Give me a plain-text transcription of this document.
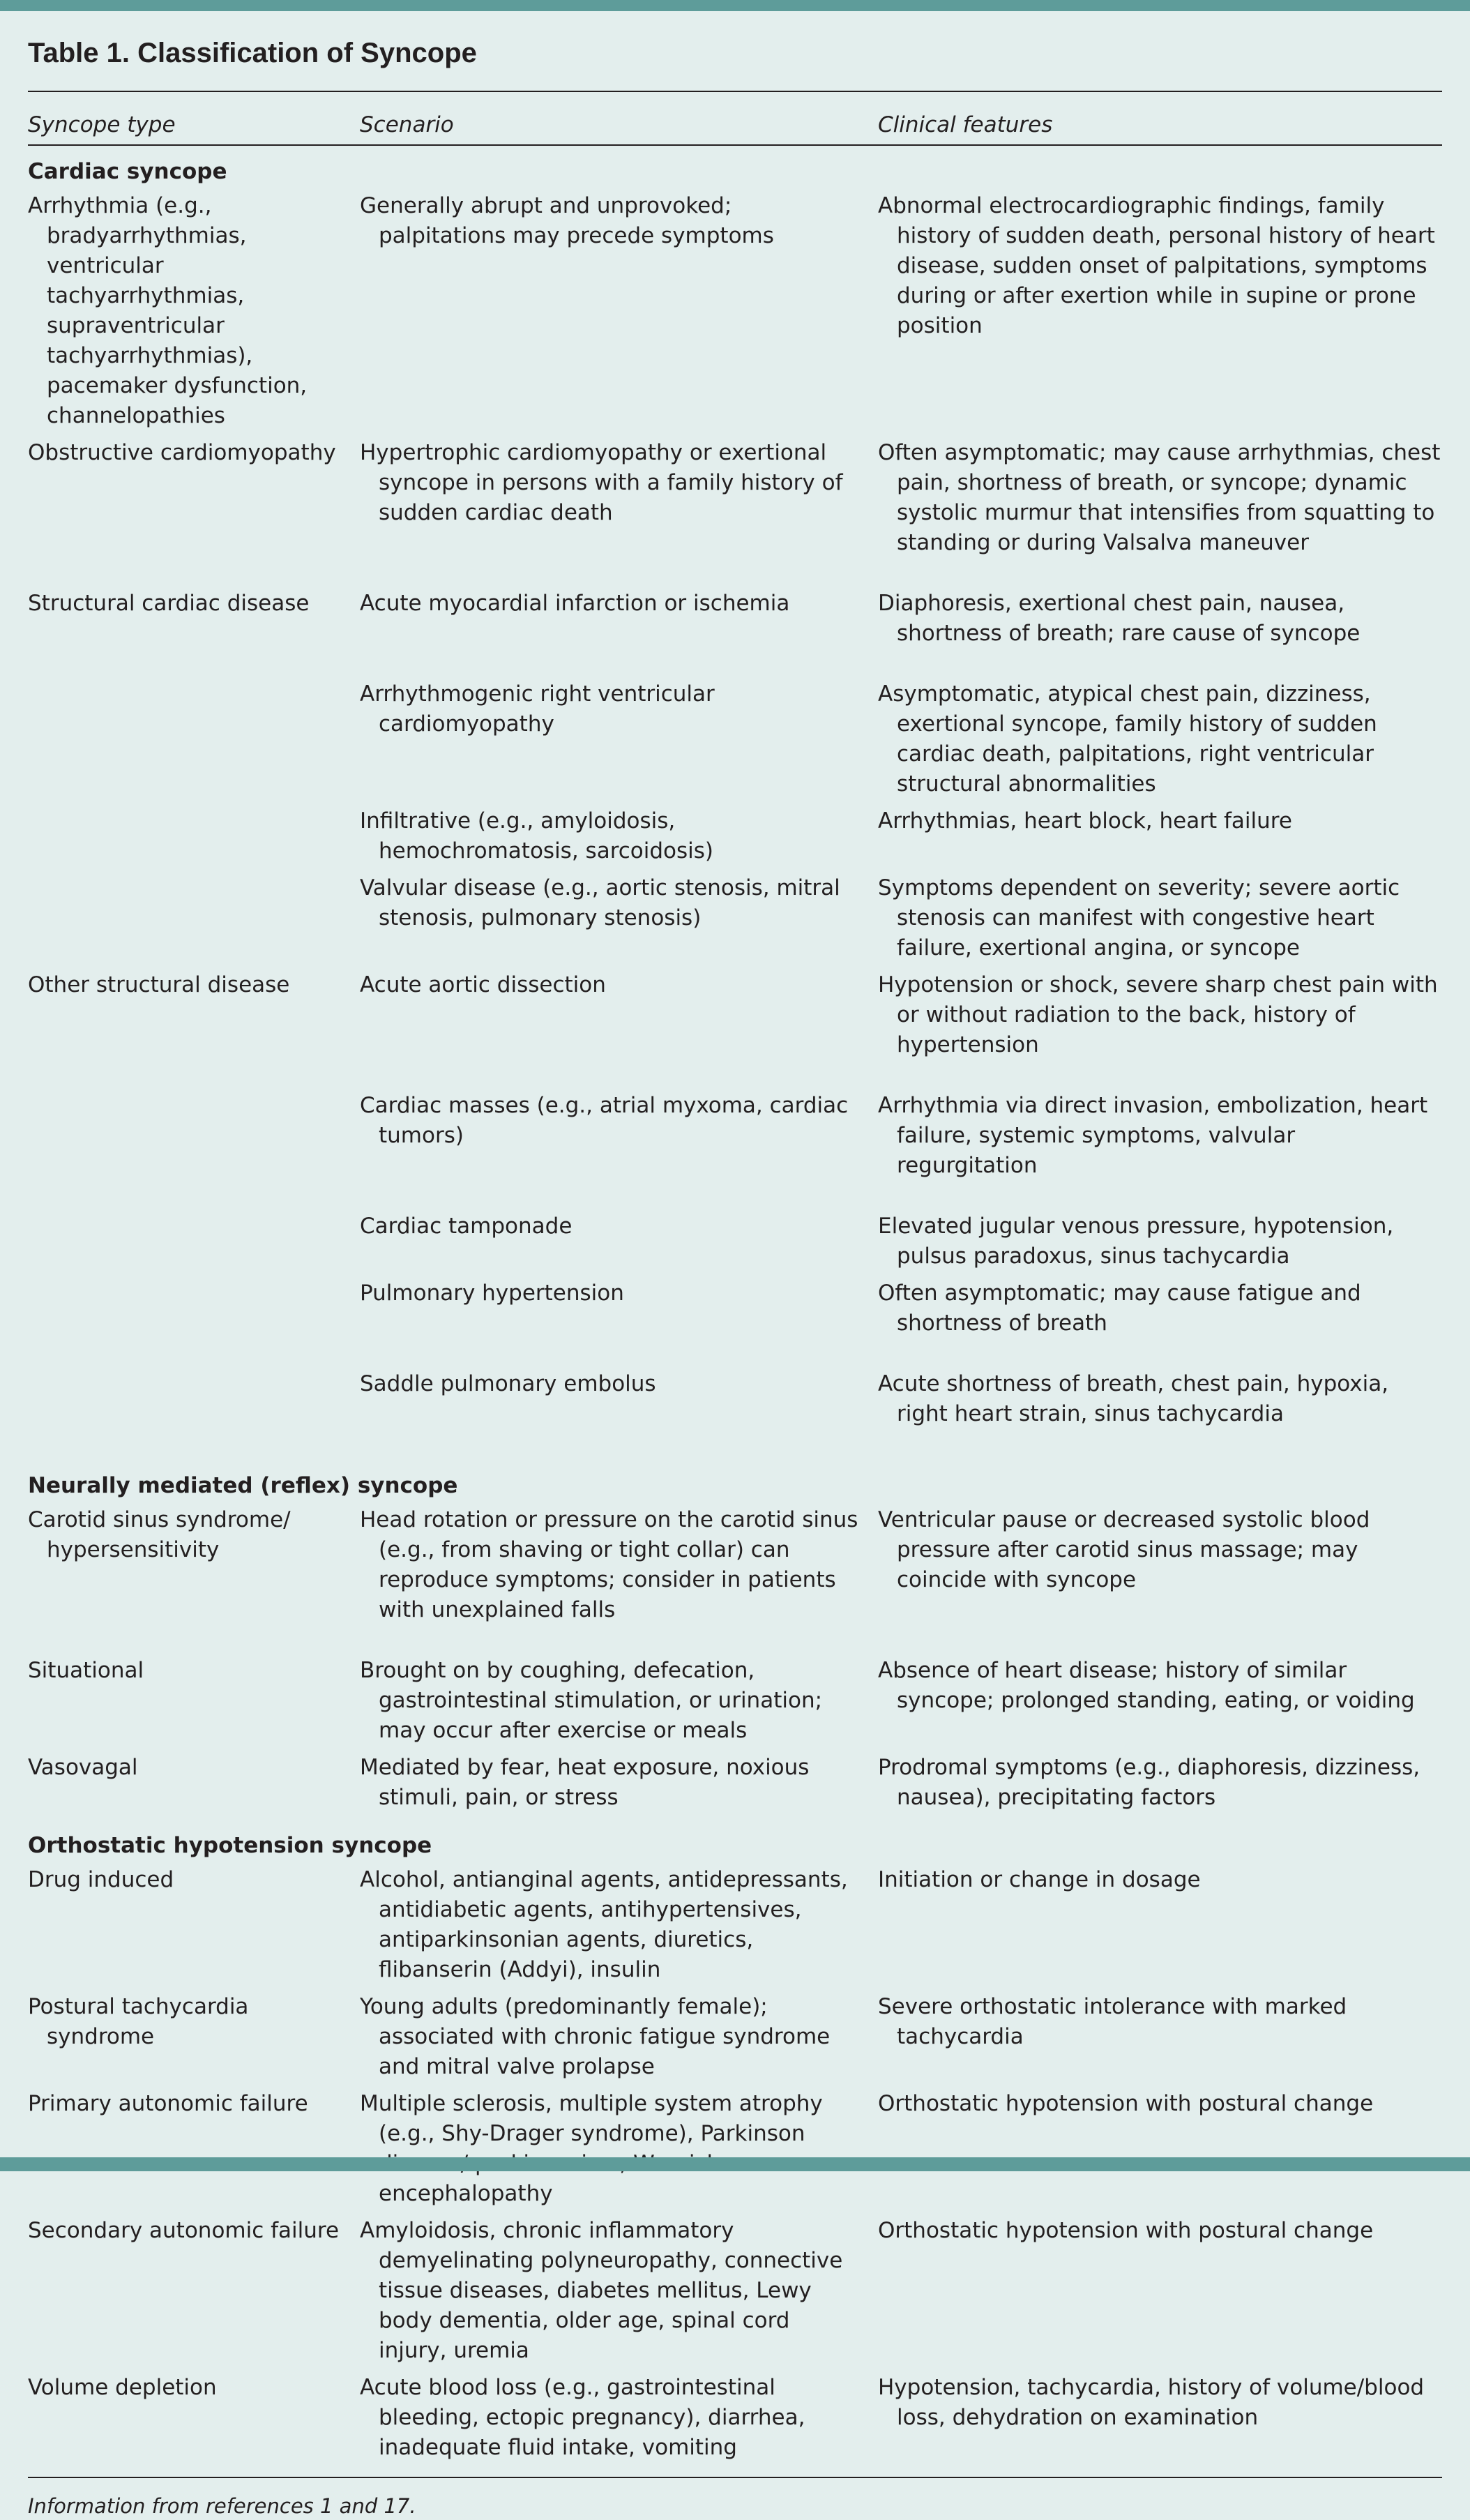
Table 1. Classification of Syncope
Syncope type	Scenario	Clinical features
Cardiac syncope		

Arrhythmia (e.g., bradyarrhythmias, ventricular tachyarrhythmias, supraventricular tachyarrhythmias), pacemaker dysfunction, channelopathies	Generally abrupt and unprovoked; palpitations may precede symptoms	Abnormal electrocardiographic findings, family history of sudden death, personal history of heart disease, sudden onset of palpitations, symptoms during or after exertion while in supine or prone position

Obstructive cardiomyopathy	Hypertrophic cardiomyopathy or exertional syncope in persons with a family history of sudden cardiac death	Often asymptomatic; may cause arrhythmias, chest pain, shortness of breath, or syncope; dynamic systolic murmur that intensifies from squatting to standing or during Valsalva maneuver

Structural cardiac disease	Acute myocardial infarction or ischemia	Diaphoresis, exertional chest pain, nausea, shortness of breath; rare cause of syncope

	Arrhythmogenic right ventricular cardiomyopathy	Asymptomatic, atypical chest pain, dizziness, exertional syncope, family history of sudden cardiac death, palpitations, right ventricular structural abnormalities

	Infiltrative (e.g., amyloidosis, hemochromatosis, sarcoidosis)	Arrhythmias, heart block, heart failure

	Valvular disease (e.g., aortic stenosis, mitral stenosis, pulmonary stenosis)	Symptoms dependent on severity; severe aortic stenosis can manifest with congestive heart failure, exertional angina, or syncope

Other structural disease	Acute aortic dissection	Hypotension or shock, severe sharp chest pain with or without radiation to the back, history of hypertension

	Cardiac masses (e.g., atrial myxoma, cardiac tumors)	Arrhythmia via direct invasion, embolization, heart failure, systemic symptoms, valvular regurgitation

	Cardiac tamponade	Elevated jugular venous pressure, hypotension, pulsus paradoxus, sinus tachycardia

	Pulmonary hypertension	Often asymptomatic; may cause fatigue and shortness of breath

	Saddle pulmonary embolus	Acute shortness of breath, chest pain, hypoxia, right heart strain, sinus tachycardia

Neurally mediated (reflex) syncope		

Carotid sinus syndrome/ hypersensitivity	Head rotation or pressure on the carotid sinus (e.g., from shaving or tight collar) can reproduce symptoms; consider in patients with unexplained falls	Ventricular pause or decreased systolic blood pressure after carotid sinus massage; may coincide with syncope

Situational	Brought on by coughing, defecation, gastrointestinal stimulation, or urination; may occur after exercise or meals	Absence of heart disease; history of similar syncope; prolonged standing, eating, or voiding

Vasovagal	Mediated by fear, heat exposure, noxious stimuli, pain, or stress	Prodromal symptoms (e.g., diaphoresis, dizziness, nausea), precipitating factors

Orthostatic hypotension syncope		

Drug induced	Alcohol, antianginal agents, antidepressants, antidiabetic agents, antihypertensives, antiparkinsonian agents, diuretics, flibanserin (Addyi), insulin	Initiation or change in dosage

Postural tachycardia syndrome	Young adults (predominantly female); associated with chronic fatigue syndrome and mitral valve prolapse	Severe orthostatic intolerance with marked tachycardia

Primary autonomic failure	Multiple sclerosis, multiple system atrophy (e.g., Shy-Drager syndrome), Parkinson encephalopathy	Orthostatic hypotension with postural change

Secondary autonomic failure	Amyloidosis, chronic inflammatory demyelinating polyneuropathy, connective tissue diseases, diabetes mellitus, Lewy body dementia, older age, spinal cord injury, uremia	Orthostatic hypotension with postural change

Volume depletion	Acute blood loss (e.g., gastrointestinal bleeding, ectopic pregnancy), diarrhea, inadequate fluid intake, vomiting	Hypotension, tachycardia, history of volume/blood loss, dehydration on examination
Information from references 1 and 17.
